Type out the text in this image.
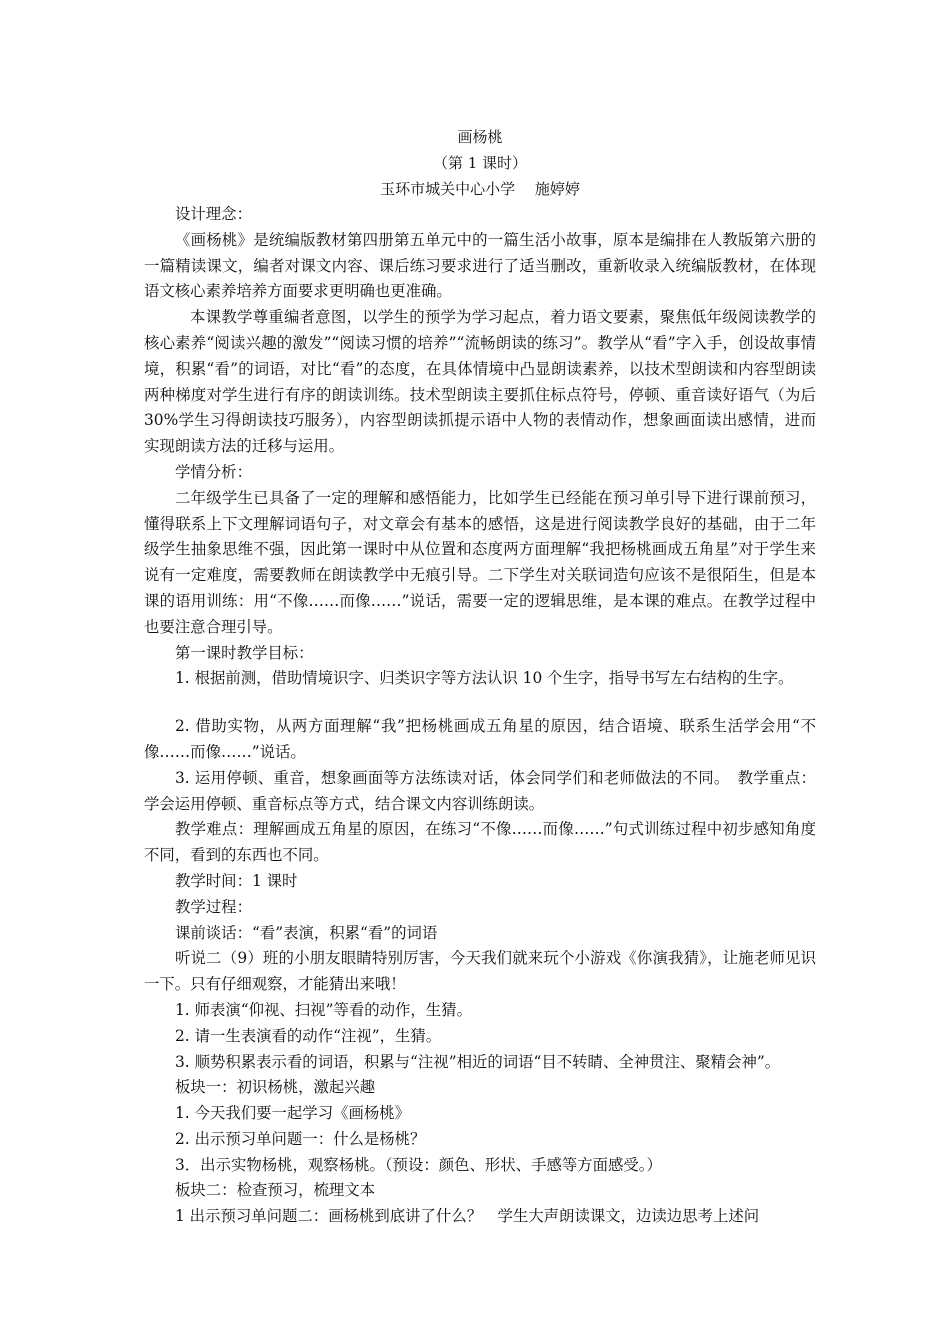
画杨桃
（第 1 课时）
玉环市城关中心小学　 施婷婷

设计理念：

《画杨桃》是统编版教材第四册第五单元中的一篇生活小故事，原本是编排在人教版第六册的一篇精读课文，编者对课文内容、课后练习要求进行了适当删改，重新收录入统编版教材，在体现语文核心素养培养方面要求更明确也更准确。

本课教学尊重编者意图，以学生的预学为学习起点，着力语文要素，聚焦低年级阅读教学的核心素养“阅读兴趣的激发”“阅读习惯的培养”“流畅朗读的练习”。教学从“看”字入手，创设故事情境，积累“看”的词语，对比“看”的态度，在具体情境中凸显朗读素养，以技术型朗读和内容型朗读两种梯度对学生进行有序的朗读训练。技术型朗读主要抓住标点符号，停顿、重音读好语气（为后 30%学生习得朗读技巧服务），内容型朗读抓提示语中人物的表情动作，想象画面读出感情，进而实现朗读方法的迁移与运用。

学情分析：

二年级学生已具备了一定的理解和感悟能力，比如学生已经能在预习单引导下进行课前预习，懂得联系上下文理解词语句子，对文章会有基本的感悟，这是进行阅读教学良好的基础，由于二年级学生抽象思维不强，因此第一课时中从位置和态度两方面理解“我把杨桃画成五角星”对于学生来说有一定难度，需要教师在朗读教学中无痕引导。二下学生对关联词造句应该不是很陌生，但是本课的语用训练：用“不像……而像……”说话，需要一定的逻辑思维，是本课的难点。在教学过程中也要注意合理引导。

第一课时教学目标：

1. 根据前测，借助情境识字、归类识字等方法认识 10 个生字，指导书写左右结构的生字。

2. 借助实物，从两方面理解“我”把杨桃画成五角星的原因，结合语境、联系生活学会用“不像……而像……”说话。

3. 运用停顿、重音，想象画面等方法练读对话，体会同学们和老师做法的不同。　教学重点：学会运用停顿、重音标点等方式，结合课文内容训练朗读。

教学难点：理解画成五角星的原因，在练习“不像……而像……”句式训练过程中初步感知角度不同，看到的东西也不同。

教学时间：1 课时

教学过程：

课前谈话：“看”表演，积累“看”的词语

听说二（9）班的小朋友眼睛特别厉害，今天我们就来玩个小游戏《你演我猜》，让施老师见识一下。只有仔细观察，才能猜出来哦！

1. 师表演“仰视、扫视”等看的动作，生猜。

2. 请一生表演看的动作“注视”，生猜。

3. 顺势积累表示看的词语，积累与“注视”相近的词语“目不转睛、全神贯注、聚精会神”。

板块一：初识杨桃，激起兴趣

1. 今天我们要一起学习《画杨桃》

2. 出示预习单问题一：什么是杨桃？

3．出示实物杨桃，观察杨桃。（预设：颜色、形状、手感等方面感受。）

板块二：检查预习，梳理文本

1 出示预习单问题二：画杨桃到底讲了什么？　学生大声朗读课文，边读边思考上述问
